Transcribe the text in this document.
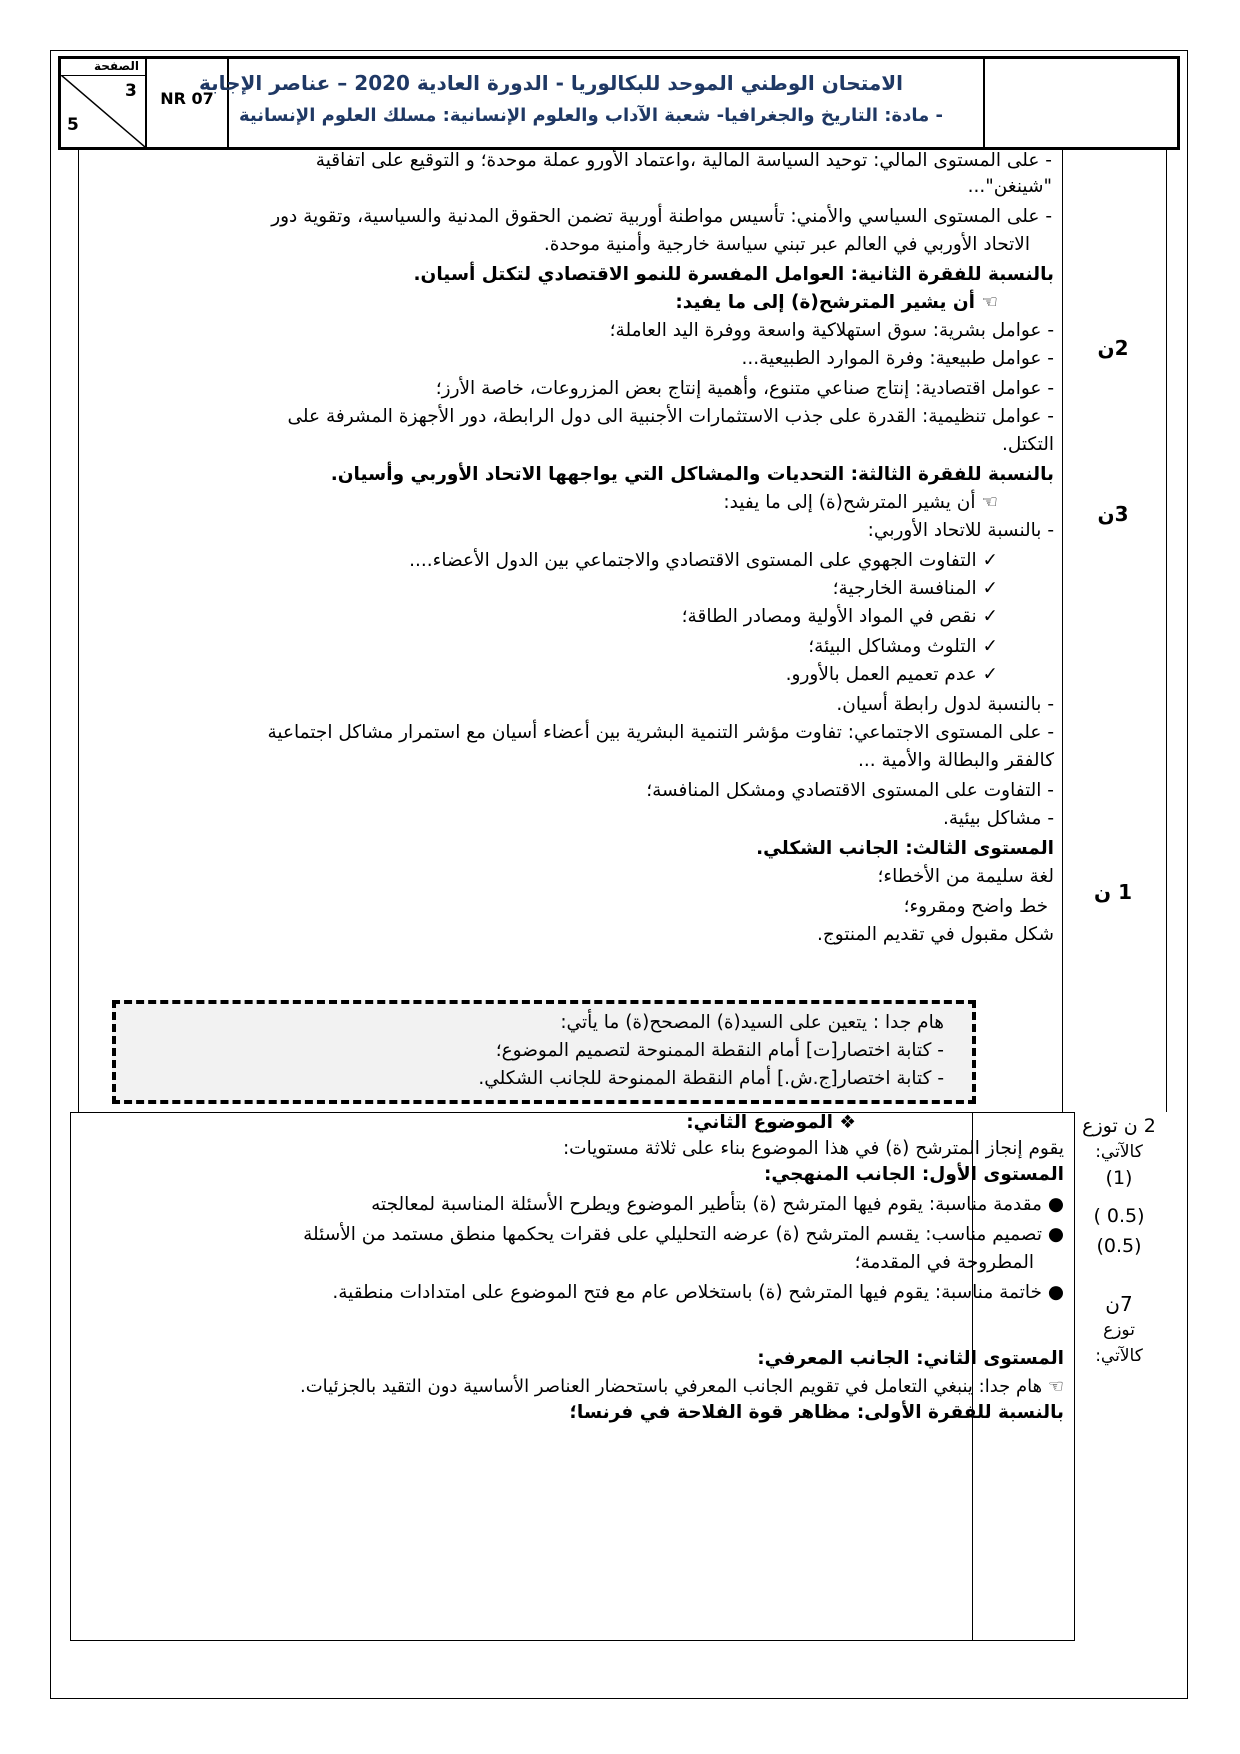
الصفحة
3
5
NR 07
الامتحان الوطني الموحد للبكالوريا - الدورة العادية 2020 – عناصر الإجابة
- مادة: التاريخ والجغرافيا- شعبة الآداب والعلوم الإنسانية: مسلك العلوم الإنسانية
- على المستوى المالي: توحيد السياسة المالية ،واعتماد الأورو عملة موحدة؛ و التوقيع على اتفاقية
"شينغن"...
- على المستوى السياسي والأمني: تأسيس مواطنة أوربية تضمن الحقوق المدنية والسياسية، وتقوية دور
الاتحاد الأوربي في العالم عبر تبني سياسة خارجية وأمنية موحدة.
بالنسبة للفقرة الثانية: العوامل المفسرة للنمو الاقتصادي لتكتل أسيان.
☜ أن يشير المترشح(ة) إلى ما يفيد:
- عوامل بشرية: سوق استهلاكية واسعة ووفرة اليد العاملة؛
- عوامل طبيعية: وفرة الموارد الطبيعية...
- عوامل اقتصادية: إنتاج صناعي متنوع، وأهمية إنتاج بعض المزروعات، خاصة الأرز؛
- عوامل تنظيمية: القدرة على جذب الاستثمارات الأجنبية الى دول الرابطة، دور الأجهزة المشرفة على
التكتل.
2ن
بالنسبة للفقرة الثالثة: التحديات والمشاكل التي يواجهها الاتحاد الأوربي وأسيان.
☜ أن يشير المترشح(ة) إلى ما يفيد:
- بالنسبة للاتحاد الأوربي:
✓ التفاوت الجهوي على المستوى الاقتصادي والاجتماعي بين الدول الأعضاء....
✓ المنافسة الخارجية؛
✓ نقص في المواد الأولية ومصادر الطاقة؛
✓ التلوث ومشاكل البيئة؛
✓ عدم تعميم العمل بالأورو.
- بالنسبة لدول رابطة أسيان.
- على المستوى الاجتماعي: تفاوت مؤشر التنمية البشرية بين أعضاء أسيان مع استمرار مشاكل اجتماعية
كالفقر والبطالة والأمية ...
- التفاوت على المستوى الاقتصادي ومشكل المنافسة؛
- مشاكل بيئية.
3ن
المستوى الثالث: الجانب الشكلي.
لغة سليمة من الأخطاء؛
خط واضح ومقروء؛
شكل مقبول في تقديم المنتوج.
1 ن
هام جدا : يتعين على السيد(ة) المصحح(ة) ما يأتي:
- كتابة اختصار[ت] أمام النقطة الممنوحة لتصميم الموضوع؛
- كتابة اختصار[ج.ش.] أمام النقطة الممنوحة للجانب الشكلي.
❖ الموضوع الثاني:
يقوم إنجاز المترشح (ة) في هذا الموضوع بناء على ثلاثة مستويات:
المستوى الأول: الجانب المنهجي:
● مقدمة مناسبة: يقوم فيها المترشح (ة) بتأطير الموضوع ويطرح الأسئلة المناسبة لمعالجته
● تصميم مناسب: يقسم المترشح (ة) عرضه التحليلي على فقرات يحكمها منطق مستمد من الأسئلة
المطروحة في المقدمة؛
● خاتمة مناسبة: يقوم فيها المترشح (ة) باستخلاص عام مع فتح الموضوع على امتدادات منطقية.
المستوى الثاني: الجانب المعرفي:
☜ هام جدا: ينبغي التعامل في تقويم الجانب المعرفي باستحضار العناصر الأساسية دون التقيد بالجزئيات.
بالنسبة للفقرة الأولى: مظاهر قوة الفلاحة في فرنسا؛
2 ن توزع
كالآتي:
(1)
(0.5 )
(0.5)
7ن
توزع
كالآتي:
